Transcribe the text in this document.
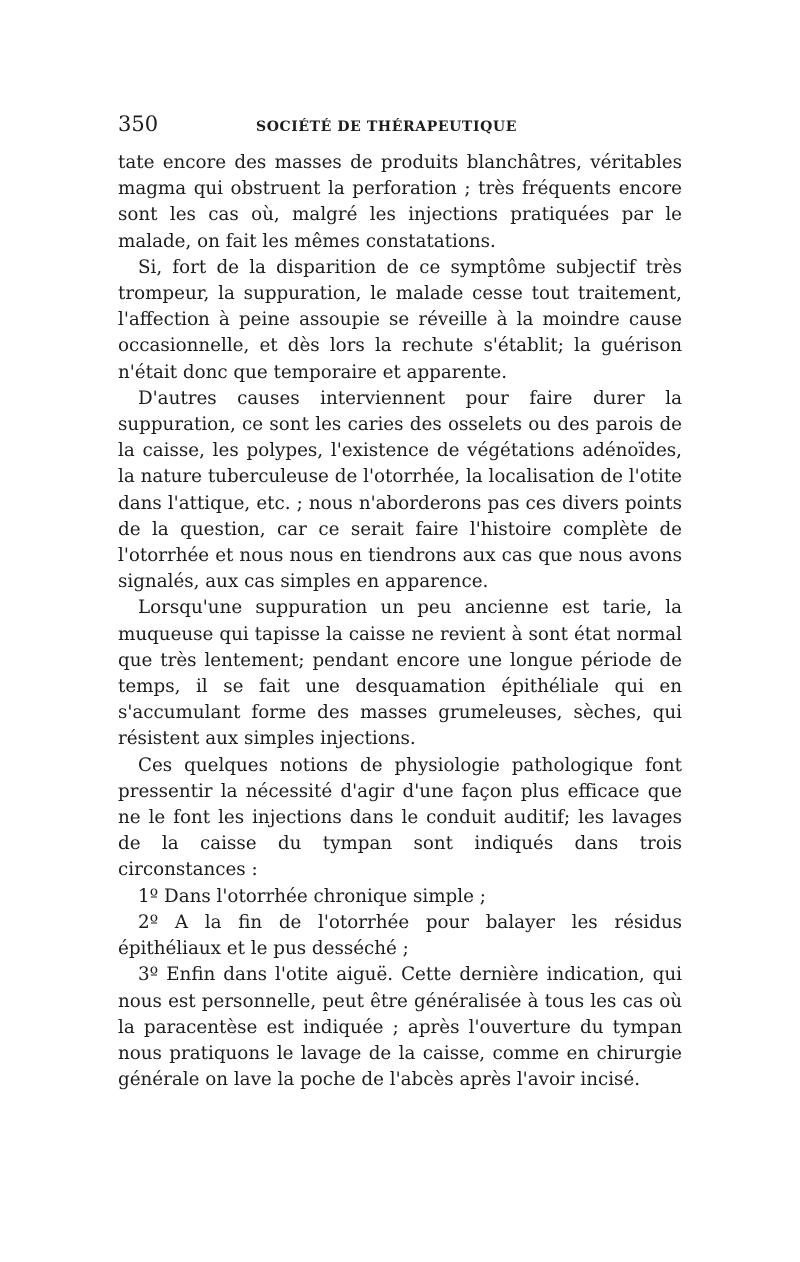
350	SOCIÉTÉ DE THÉRAPEUTIQUE

tate encore des masses de produits blanchâtres, véritables magma qui obstruent la perforation ; très fréquents encore sont les cas où, malgré les injections pratiquées par le malade, on fait les mêmes constatations.

Si, fort de la disparition de ce symptôme subjectif très trompeur, la suppuration, le malade cesse tout traitement, l'affection à peine assoupie se réveille à la moindre cause occasionnelle, et dès lors la rechute s'établit; la guérison n'était donc que temporaire et apparente.

D'autres causes interviennent pour faire durer la suppuration, ce sont les caries des osselets ou des parois de la caisse, les polypes, l'existence de végétations adénoïdes, la nature tuberculeuse de l'otorrhée, la localisation de l'otite dans l'attique, etc. ; nous n'aborderons pas ces divers points de la question, car ce serait faire l'histoire complète de l'otorrhée et nous nous en tiendrons aux cas que nous avons signalés, aux cas simples en apparence.

Lorsqu'une suppuration un peu ancienne est tarie, la muqueuse qui tapisse la caisse ne revient à sont état normal que très lentement; pendant encore une longue période de temps, il se fait une desquamation épithéliale qui en s'accumulant forme des masses grumeleuses, sèches, qui résistent aux simples injections.

Ces quelques notions de physiologie pathologique font pressentir la nécessité d'agir d'une façon plus efficace que ne le font les injections dans le conduit auditif; les lavages de la caisse du tympan sont indiqués dans trois circonstances :

1º Dans l'otorrhée chronique simple ;

2º A la fin de l'otorrhée pour balayer les résidus épithéliaux et le pus desséché ;

3º Enfin dans l'otite aiguë. Cette dernière indication, qui nous est personnelle, peut être généralisée à tous les cas où la paracentèse est indiquée ; après l'ouverture du tympan nous pratiquons le lavage de la caisse, comme en chirurgie générale on lave la poche de l'abcès après l'avoir incisé.
